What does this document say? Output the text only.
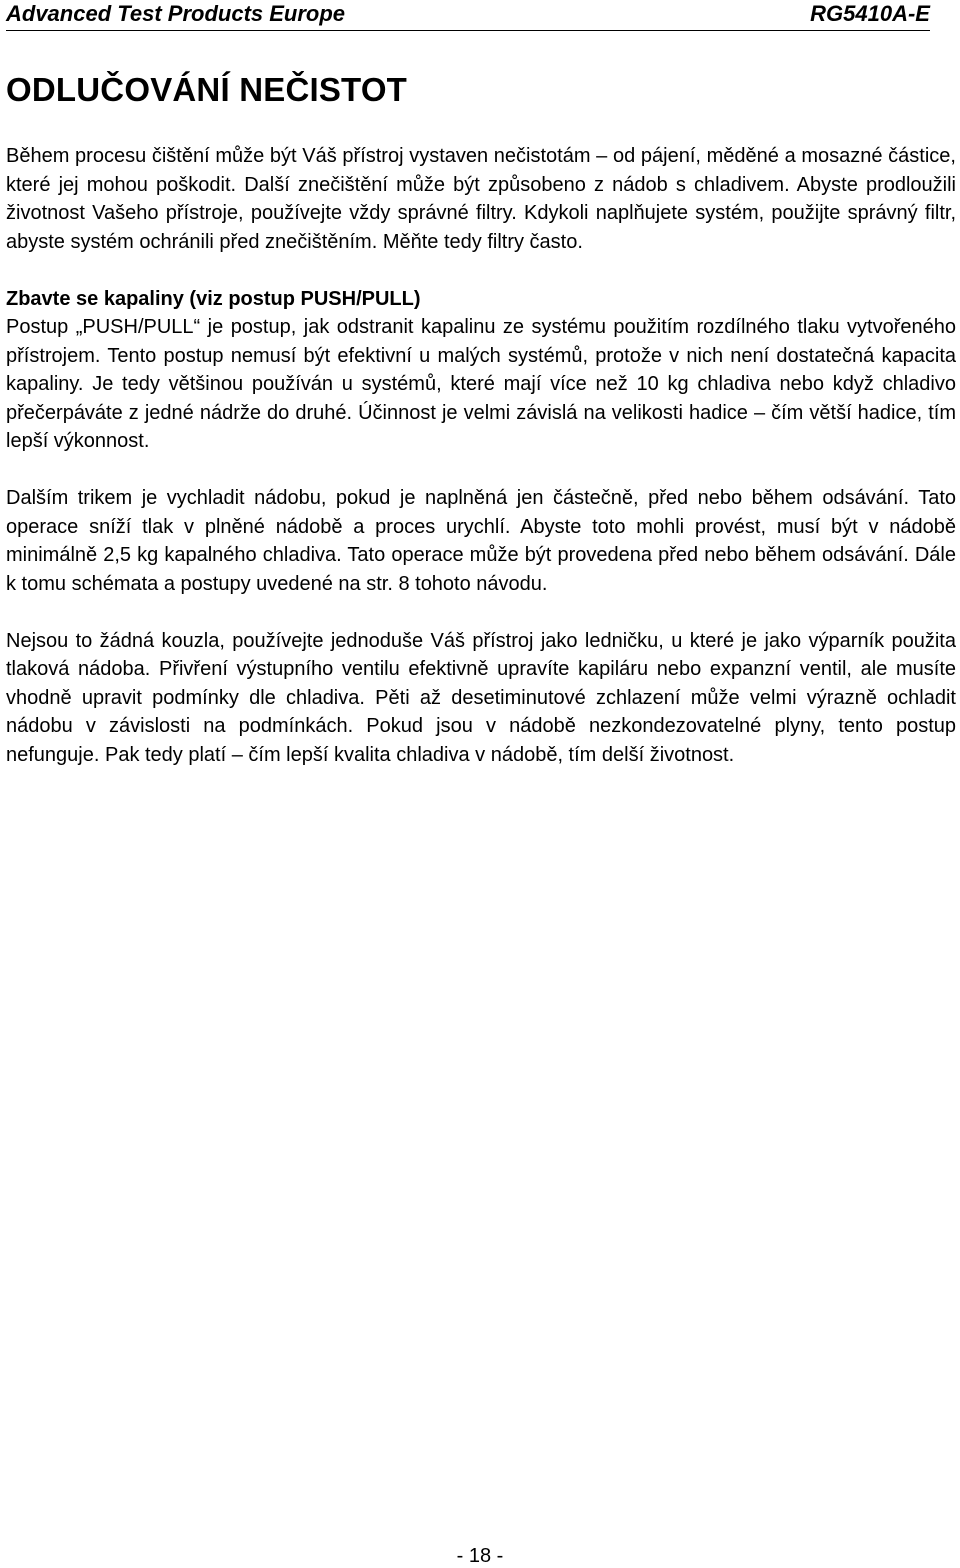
Advanced Test Products Europe	RG5410A-E
ODLUČOVÁNÍ NEČISTOT

Během procesu čištění může být Váš přístroj vystaven nečistotám – od pájení, měděné a mosazné částice, které jej mohou poškodit. Další znečištění může být způsobeno z nádob s chladivem. Abyste prodloužili životnost Vašeho přístroje, používejte vždy správné filtry. Kdykoli naplňujete systém, použijte správný filtr, abyste systém ochránili před znečištěním. Měňte tedy filtry často.

Zbavte se kapaliny (viz postup PUSH/PULL)
Postup „PUSH/PULL“ je postup, jak odstranit kapalinu ze systému použitím rozdílného tlaku vytvořeného přístrojem. Tento postup nemusí být efektivní u malých systémů, protože v nich není dostatečná kapacita kapaliny. Je tedy většinou používán u systémů, které mají více než 10 kg chladiva nebo když chladivo přečerpáváte z jedné nádrže do druhé. Účinnost je velmi závislá na velikosti hadice – čím větší hadice, tím lepší výkonnost.

Dalším trikem je vychladit nádobu, pokud je naplněná jen částečně, před nebo během odsávání. Tato operace sníží tlak v plněné nádobě a proces urychlí. Abyste toto mohli provést, musí být v nádobě minimálně 2,5 kg kapalného chladiva. Tato operace může být provedena před nebo během odsávání. Dále k tomu schémata a postupy uvedené na str. 8 tohoto návodu.

Nejsou to žádná kouzla, používejte jednoduše Váš přístroj jako ledničku, u které je jako výparník použita tlaková nádoba. Přivření výstupního ventilu efektivně upravíte kapiláru nebo expanzní ventil, ale musíte vhodně upravit podmínky dle chladiva. Pěti až desetiminutové zchlazení může velmi výrazně ochladit nádobu v závislosti na podmínkách. Pokud jsou v nádobě nezkondezovatelné plyny, tento postup nefunguje. Pak tedy platí – čím lepší kvalita chladiva v nádobě, tím delší životnost.

- 18 -
